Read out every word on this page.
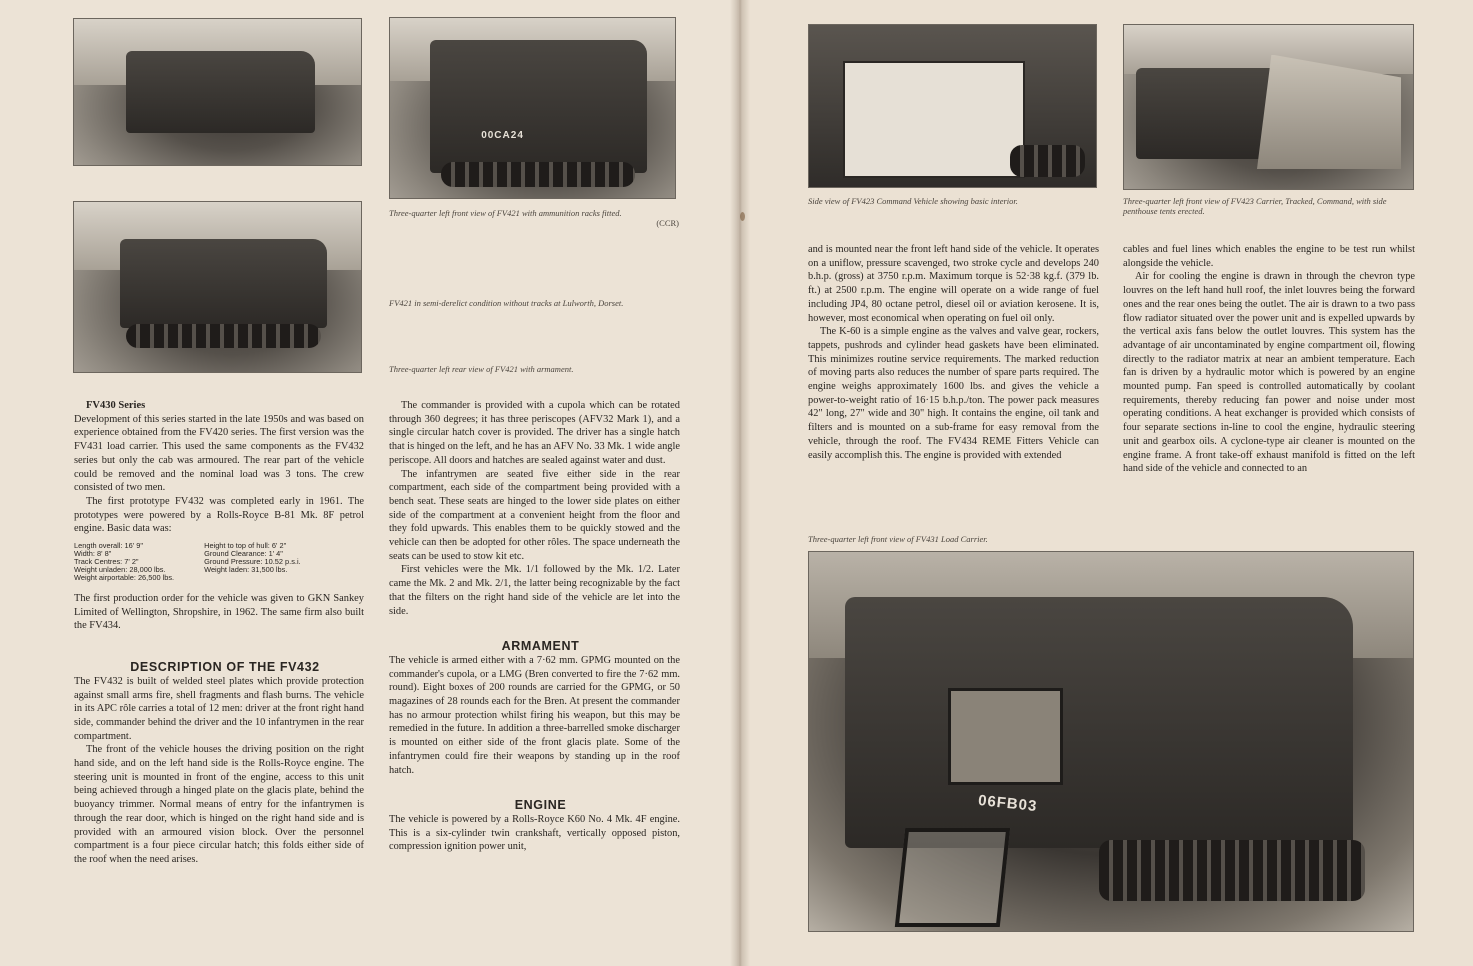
00CA24
Three-quarter left front view of FV421 with ammunition racks fitted.
(CCR)
FV421 in semi-derelict condition without tracks at Lulworth, Dorset.
Three-quarter left rear view of FV421 with armament.

FV430 Series

Development of this series started in the late 1950s and was based on experience obtained from the FV420 series. The first version was the FV431 load carrier. This used the same components as the FV432 series but only the cab was armoured. The rear part of the vehicle could be removed and the nominal load was 3 tons. The crew consisted of two men.

The first prototype FV432 was completed early in 1961. The prototypes were powered by a Rolls-Royce B-81 Mk. 8F petrol engine. Basic data was:

Length overall: 16' 9"
Width: 8' 8"
Track Centres: 7' 2"
Weight unladen: 28,000 lbs.
Weight airportable: 26,500 lbs.
Height to top of hull: 6' 2"
Ground Clearance: 1' 4"
Ground Pressure: 10.52 p.s.i.
Weight laden: 31,500 lbs.

The first production order for the vehicle was given to GKN Sankey Limited of Wellington, Shropshire, in 1962. The same firm also built the FV434.

DESCRIPTION OF THE FV432

The FV432 is built of welded steel plates which provide protection against small arms fire, shell fragments and flash burns. The vehicle in its APC rôle carries a total of 12 men: driver at the front right hand side, commander behind the driver and the 10 infantrymen in the rear compartment.

The front of the vehicle houses the driving position on the right hand side, and on the left hand side is the Rolls-Royce engine. The steering unit is mounted in front of the engine, access to this unit being achieved through a hinged plate on the glacis plate, behind the buoyancy trimmer. Normal means of entry for the infantrymen is through the rear door, which is hinged on the right hand side and is provided with an armoured vision block. Over the personnel compartment is a four piece circular hatch; this folds either side of the roof when the need arises.

The commander is provided with a cupola which can be rotated through 360 degrees; it has three periscopes (AFV32 Mark 1), and a single circular hatch cover is provided. The driver has a single hatch that is hinged on the left, and he has an AFV No. 33 Mk. 1 wide angle periscope. All doors and hatches are sealed against water and dust.

The infantrymen are seated five either side in the rear compartment, each side of the compartment being provided with a bench seat. These seats are hinged to the lower side plates on either side of the compartment at a convenient height from the floor and they fold upwards. This enables them to be quickly stowed and the vehicle can then be adopted for other rôles. The space underneath the seats can be used to stow kit etc.

First vehicles were the Mk. 1/1 followed by the Mk. 1/2. Later came the Mk. 2 and Mk. 2/1, the latter being recognizable by the fact that the filters on the right hand side of the vehicle are let into the side.

ARMAMENT

The vehicle is armed either with a 7·62 mm. GPMG mounted on the commander's cupola, or a LMG (Bren converted to fire the 7·62 mm. round). Eight boxes of 200 rounds are carried for the GPMG, or 50 magazines of 28 rounds each for the Bren. At present the commander has no armour protection whilst firing his weapon, but this may be remedied in the future. In addition a three-barrelled smoke discharger is mounted on either side of the front glacis plate. Some of the infantrymen could fire their weapons by standing up in the roof hatch.

ENGINE

The vehicle is powered by a Rolls-Royce K60 No. 4 Mk. 4F engine. This is a six-cylinder twin crankshaft, vertically opposed piston, compression ignition power unit,

Side view of FV423 Command Vehicle showing basic interior.	Three-quarter left front view of FV423 Carrier, Tracked, Command, with side penthouse tents erected.

and is mounted near the front left hand side of the vehicle. It operates on a uniflow, pressure scavenged, two stroke cycle and develops 240 b.h.p. (gross) at 3750 r.p.m. Maximum torque is 52·38 kg.f. (379 lb. ft.) at 2500 r.p.m. The engine will operate on a wide range of fuel including JP4, 80 octane petrol, diesel oil or aviation kerosene. It is, however, most economical when operating on fuel oil only.

The K-60 is a simple engine as the valves and valve gear, rockers, tappets, pushrods and cylinder head gaskets have been eliminated. This minimizes routine service requirements. The marked reduction of moving parts also reduces the number of spare parts required. The engine weighs approximately 1600 lbs. and gives the vehicle a power-to-weight ratio of 16·15 b.h.p./ton. The power pack measures 42" long, 27" wide and 30" high. It contains the engine, oil tank and filters and is mounted on a sub-frame for easy removal from the vehicle, through the roof. The FV434 REME Fitters Vehicle can easily accomplish this. The engine is provided with extended

cables and fuel lines which enables the engine to be test run whilst alongside the vehicle.

Air for cooling the engine is drawn in through the chevron type louvres on the left hand hull roof, the inlet louvres being the forward ones and the rear ones being the outlet. The air is drawn to a two pass flow radiator situated over the power unit and is expelled upwards by the vertical axis fans below the outlet louvres. This system has the advantage of air uncontaminated by engine compartment oil, flowing directly to the radiator matrix at near an ambient temperature. Each fan is driven by a hydraulic motor which is powered by an engine mounted pump. Fan speed is controlled automatically by coolant requirements, thereby reducing fan power and noise under most operating conditions. A heat exchanger is provided which consists of four separate sections in-line to cool the engine, hydraulic steering unit and gearbox oils. A cyclone-type air cleaner is mounted on the engine frame. A front take-off exhaust manifold is fitted on the left hand side of the vehicle and connected to an

Three-quarter left front view of FV431 Load Carrier.
06FB03
